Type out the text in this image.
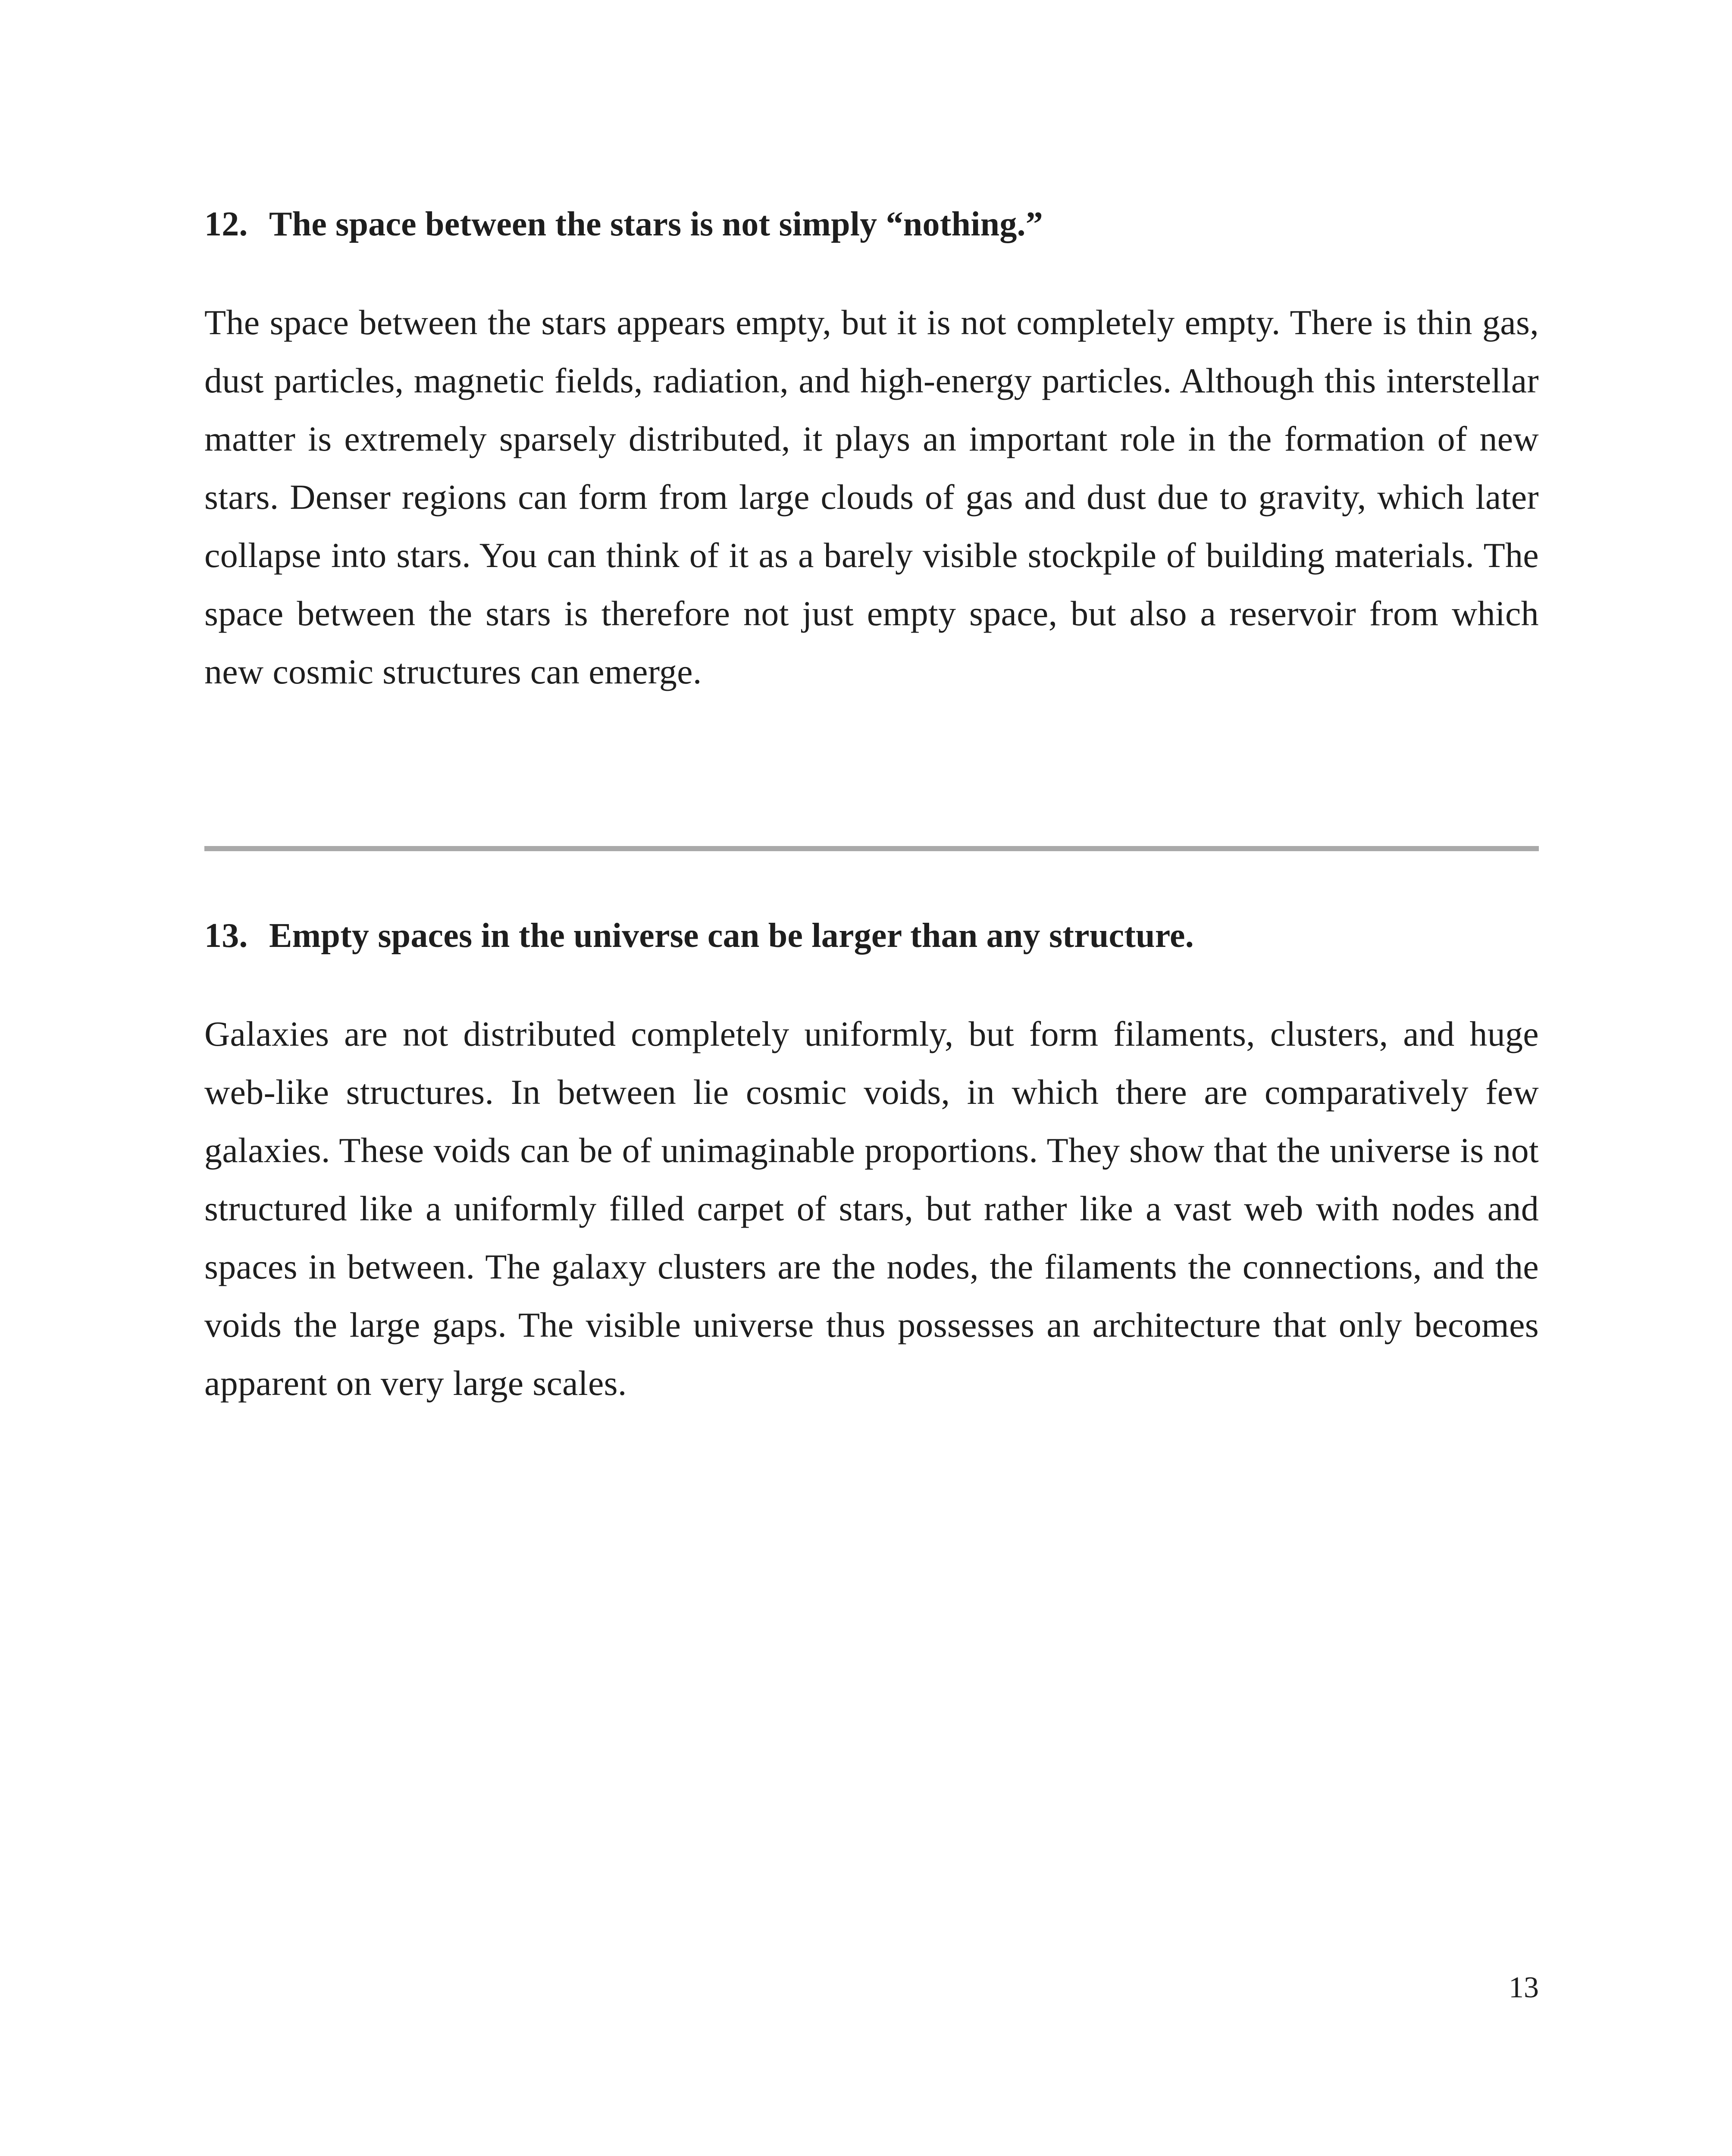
12. The space between the stars is not simply “nothing.”

The space between the stars appears empty, but it is not completely empty. There is thin gas, dust particles, magnetic fields, radiation, and high-energy particles. Although this interstellar matter is extremely sparsely distributed, it plays an important role in the formation of new stars. Denser regions can form from large clouds of gas and dust due to gravity, which later collapse into stars. You can think of it as a barely visible stockpile of building materials. The space between the stars is therefore not just empty space, but also a reservoir from which new cosmic structures can emerge.

13. Empty spaces in the universe can be larger than any structure.

Galaxies are not distributed completely uniformly, but form filaments, clusters, and huge web-like structures. In between lie cosmic voids, in which there are comparatively few galaxies. These voids can be of unimaginable proportions. They show that the universe is not structured like a uniformly filled carpet of stars, but rather like a vast web with nodes and spaces in between. The galaxy clusters are the nodes, the filaments the connections, and the voids the large gaps. The visible universe thus possesses an architecture that only becomes apparent on very large scales.

13
